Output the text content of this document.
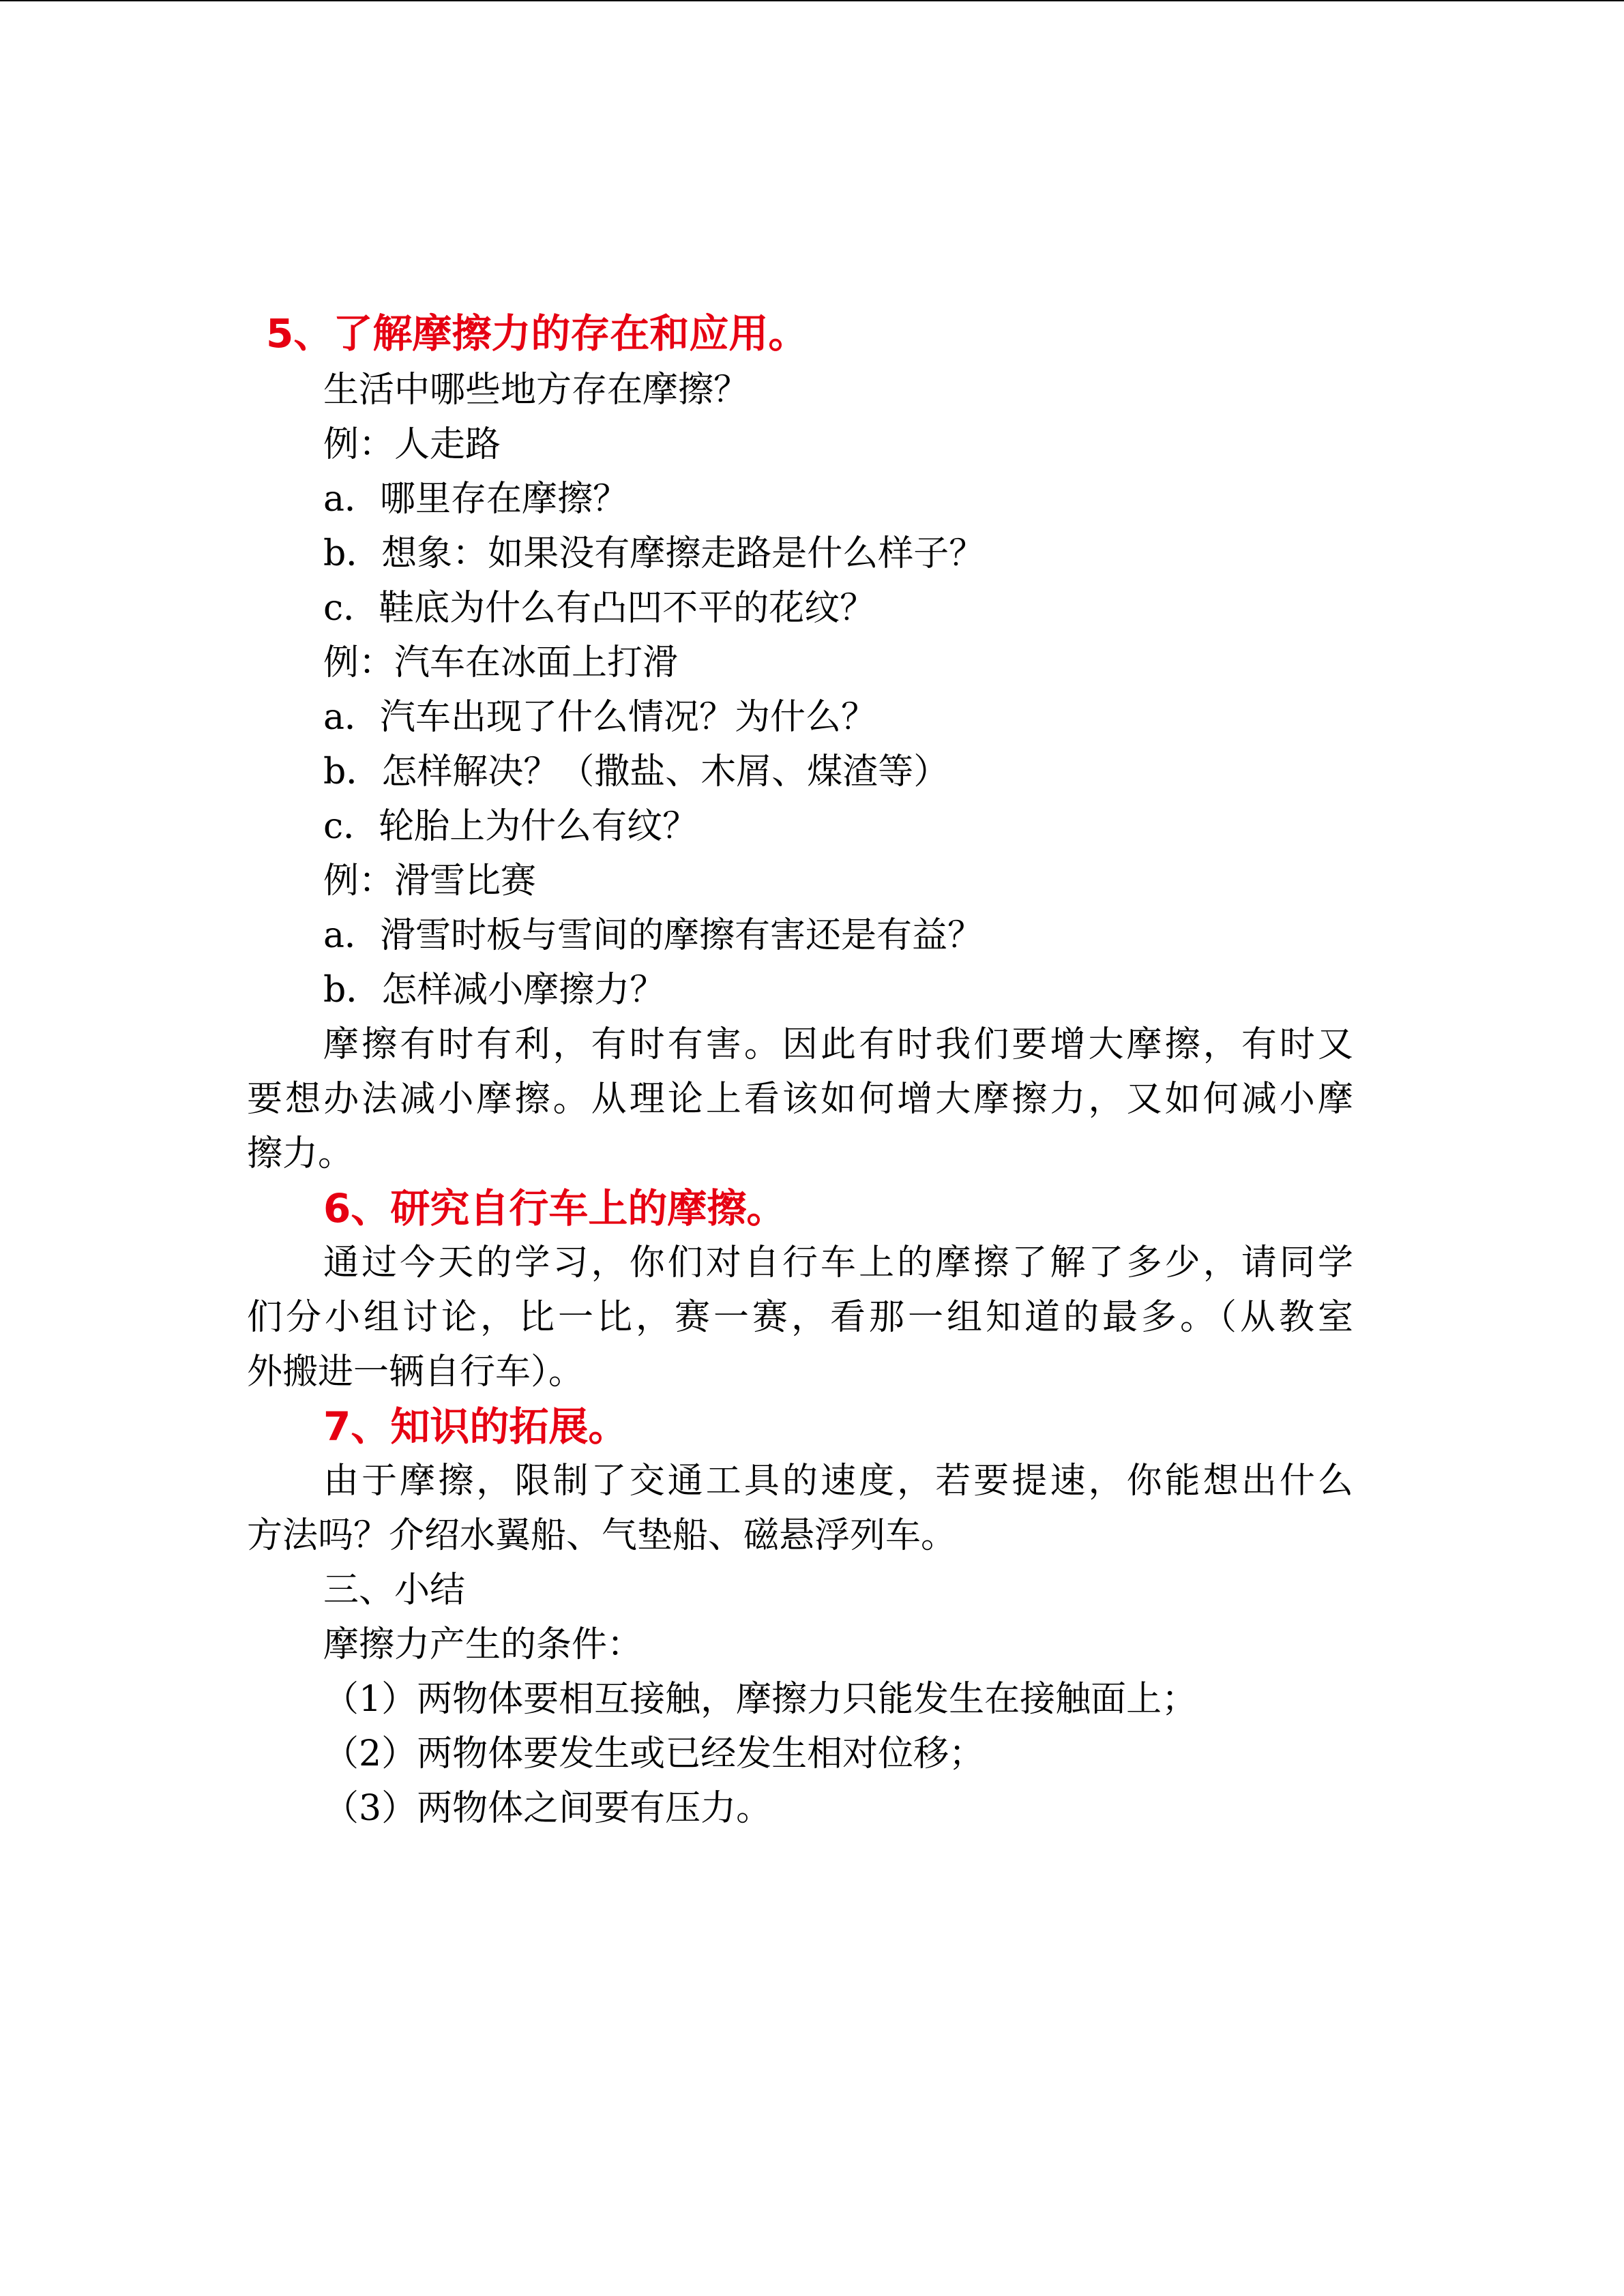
5、了解摩擦力的存在和应用。
生活中哪些地方存在摩擦？
例：人走路
a．哪里存在摩擦？
b．想象：如果没有摩擦走路是什么样子？
c．鞋底为什么有凸凹不平的花纹？
例：汽车在冰面上打滑
a．汽车出现了什么情况？为什么？
b．怎样解决？（撒盐、木屑、煤渣等）
c．轮胎上为什么有纹？
例：滑雪比赛
a．滑雪时板与雪间的摩擦有害还是有益？
b．怎样减小摩擦力？
摩擦有时有利，有时有害。因此有时我们要增大摩擦，有时又
要想办法减小摩擦。从理论上看该如何增大摩擦力，又如何减小摩
擦力。
6、研究自行车上的摩擦。
通过今天的学习，你们对自行车上的摩擦了解了多少，请同学
们分小组讨论，比一比，赛一赛，看那一组知道的最多。（从教室
外搬进一辆自行车）。
7、知识的拓展。
由于摩擦，限制了交通工具的速度，若要提速，你能想出什么
方法吗？介绍水翼船、气垫船、磁悬浮列车。
三、小结
摩擦力产生的条件：
（1）两物体要相互接触，摩擦力只能发生在接触面上；
（2）两物体要发生或已经发生相对位移；
（3）两物体之间要有压力。
